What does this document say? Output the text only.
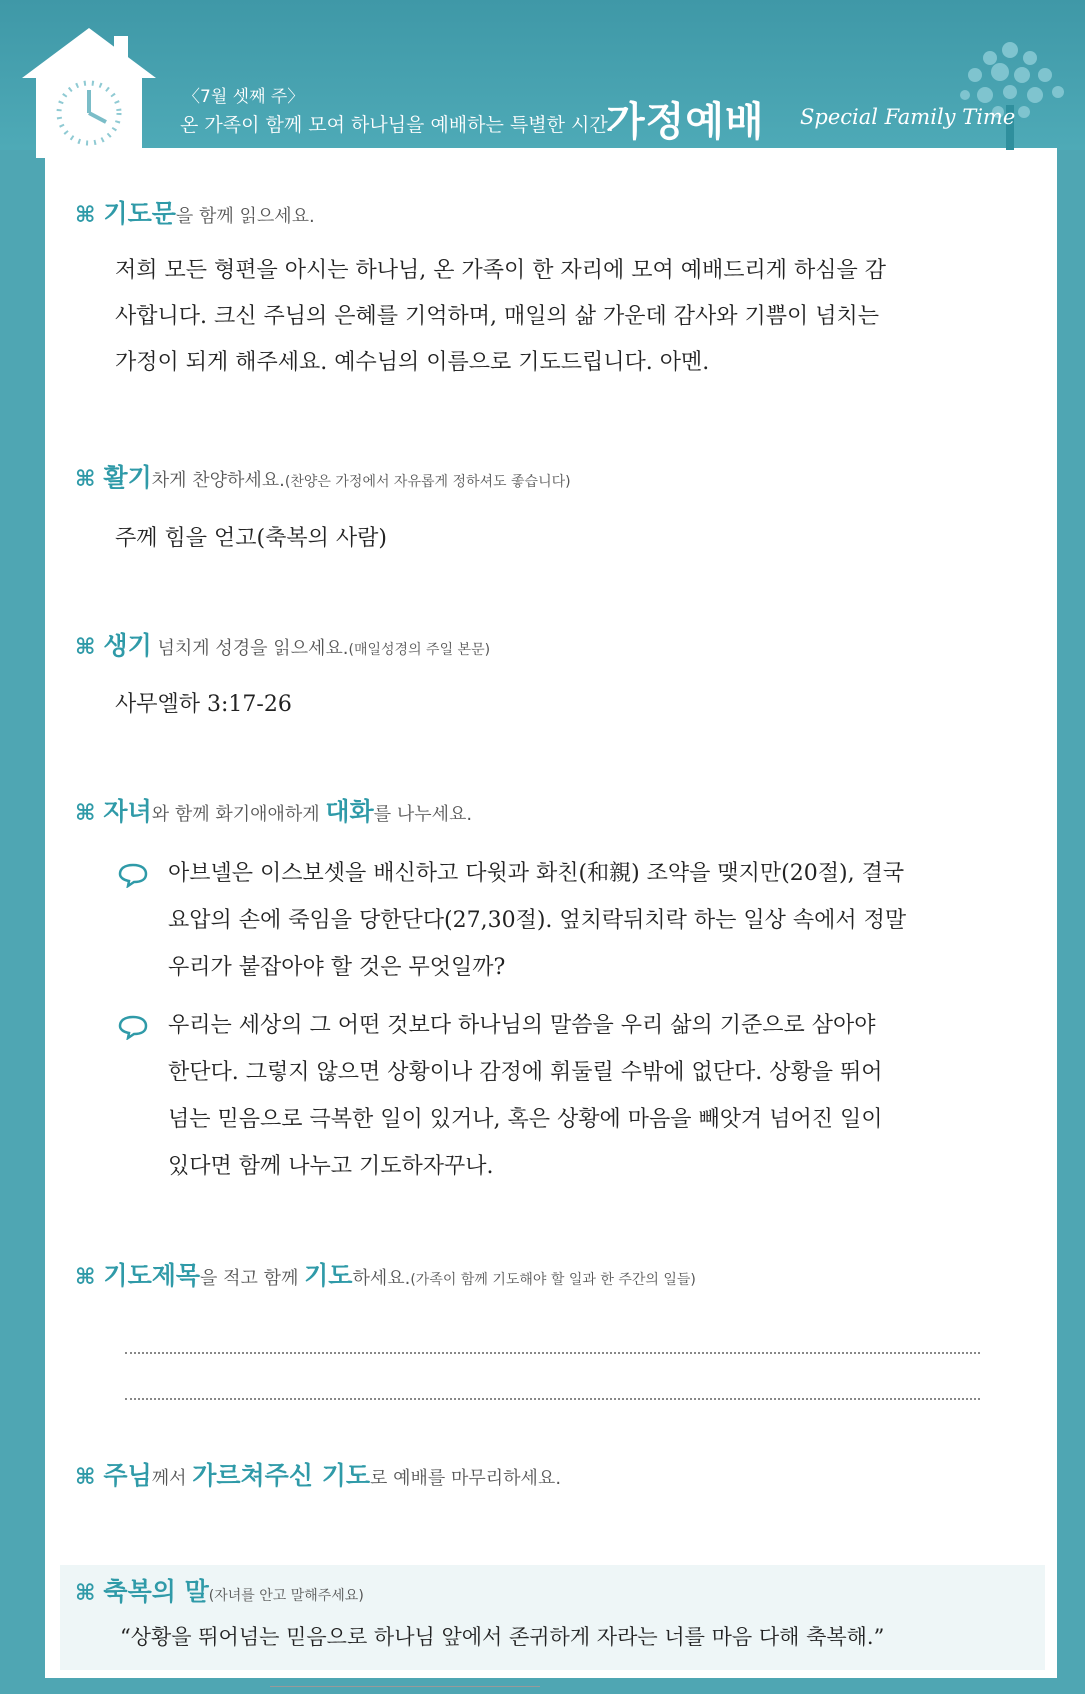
〈7월 셋째 주〉
온 가족이 함께 모여 하나님을 예배하는 특별한 시간.
가정예배 Special Family Time
⌘ 기도문을 함께 읽으세요.
저희 모든 형편을 아시는 하나님, 온 가족이 한 자리에 모여 예배드리게 하심을 감
사합니다. 크신 주님의 은혜를 기억하며, 매일의 삶 가운데 감사와 기쁨이 넘치는
가정이 되게 해주세요. 예수님의 이름으로 기도드립니다. 아멘.
⌘ 활기차게 찬양하세요.(찬양은 가정에서 자유롭게 정하셔도 좋습니다)
주께 힘을 얻고(축복의 사람)
⌘ 생기 넘치게 성경을 읽으세요.(매일성경의 주일 본문)
사무엘하 3:17-26
⌘ 자녀와 함께 화기애애하게 대화를 나누세요.
아브넬은 이스보셋을 배신하고 다윗과 화친(和親) 조약을 맺지만(20절), 결국
요압의 손에 죽임을 당한단다(27,30절). 엎치락뒤치락 하는 일상 속에서 정말
우리가 붙잡아야 할 것은 무엇일까?
우리는 세상의 그 어떤 것보다 하나님의 말씀을 우리 삶의 기준으로 삼아야
한단다. 그렇지 않으면 상황이나 감정에 휘둘릴 수밖에 없단다. 상황을 뛰어
넘는 믿음으로 극복한 일이 있거나, 혹은 상황에 마음을 빼앗겨 넘어진 일이
있다면 함께 나누고 기도하자꾸나.
⌘ 기도제목을 적고 함께 기도하세요.(가족이 함께 기도해야 할 일과 한 주간의 일들)
⌘ 주님께서 가르쳐주신 기도로 예배를 마무리하세요.
⌘ 축복의 말(자녀를 안고 말해주세요)
“상황을 뛰어넘는 믿음으로 하나님 앞에서 존귀하게 자라는 너를 마음 다해 축복해.”
